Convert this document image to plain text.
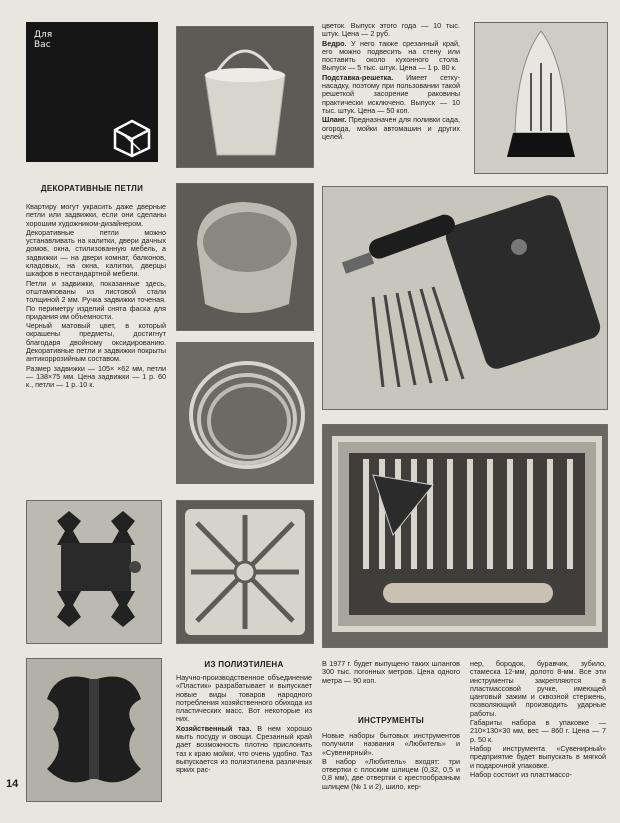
Для
Вас
ДЕКОРАТИВНЫЕ ПЕТЛИ

Квартиру могут украсить даже дверные петли или задвижки, если они сделаны хорошим художником-дизайнером.

Декоративные петли можно устанавливать на калитки, двери дачных домов, окна, стилизованную мебель, а задвижки — на двери комнат, балконов, кладовых, на окна, калитки, дверцы шкафов в нестандартной мебели.

Петли и задвижки, показанные здесь, отштампованы из листовой стали толщиной 2 мм. Ручка задвижки точеная. По периметру изделий снята фаска для придания им объемности.

Черный матовый цвет, в который окрашены предметы, достигнут благодаря двойному оксидированию. Декоративные петли и задвижки покрыты антикоррозийным составом.

Размер задвижки — 105× ×62 мм, петли — 138×75 мм. Цена задвижки — 1 р. 60 к., петли — 1 р. 10 к.

ИЗ ПОЛИЭТИЛЕНА

Научно-производственное объединение «Пластик» разрабатывает и выпускает новые виды товаров народного потребления хозяйственного обихода из пластических масс. Вот некоторые из них.

Хозяйственный таз. В нем хорошо мыть посуду и овощи. Срезанный край дает возможность плотно прислонить таз к краю мойки, что очень удобно. Таз выпускается из полиэтилена различных ярких рас-

цветок. Выпуск этого года — 10 тыс. штук. Цена — 2 руб.

Ведро. У него также срезанный край, его можно подвесить на стену или поставить около кухонного стола. Выпуск — 5 тыс. штук. Цена — 1 р. 80 к.

Подставка-решетка. Имеет сетку-насадку, поэтому при пользовании такой решеткой засорение раковины практически исключено. Выпуск — 10 тыс. штук. Цена — 50 коп.

Шланг. Предназначен для поливки сада, огорода, мойки автомашин и других целей.

В 1977 г. будет выпущено таких шлангов 300 тыс. погонных метров. Цена одного метра — 90 коп.
ИНСТРУМЕНТЫ

Новые наборы бытовых инструментов получили названия «Любитель» и «Сувенирный».

В набор «Любитель» входят: три отвертки с плоским шлицем (0,32, 0,5 и 0,8 мм), две отвертки с крестообразным шлицем (№ 1 и 2), шило, кер-

нер, бородок, буравчик, зубило, стамеска 12-мм, долото 8-мм. Все эти инструменты закрепляются в пластмассовой ручке, имеющей цанговый зажим и сквозной стержень, позволяющий производить ударные работы.

Габариты набора в упаковке — 210×130×30 мм, вес — 860 г. Цена — 7 р. 50 к.

Набор инструмента «Сувенирный» предприятие будет выпускать в мягкой и подарочной упаковке.

Набор состоит из пластмассо-

14
